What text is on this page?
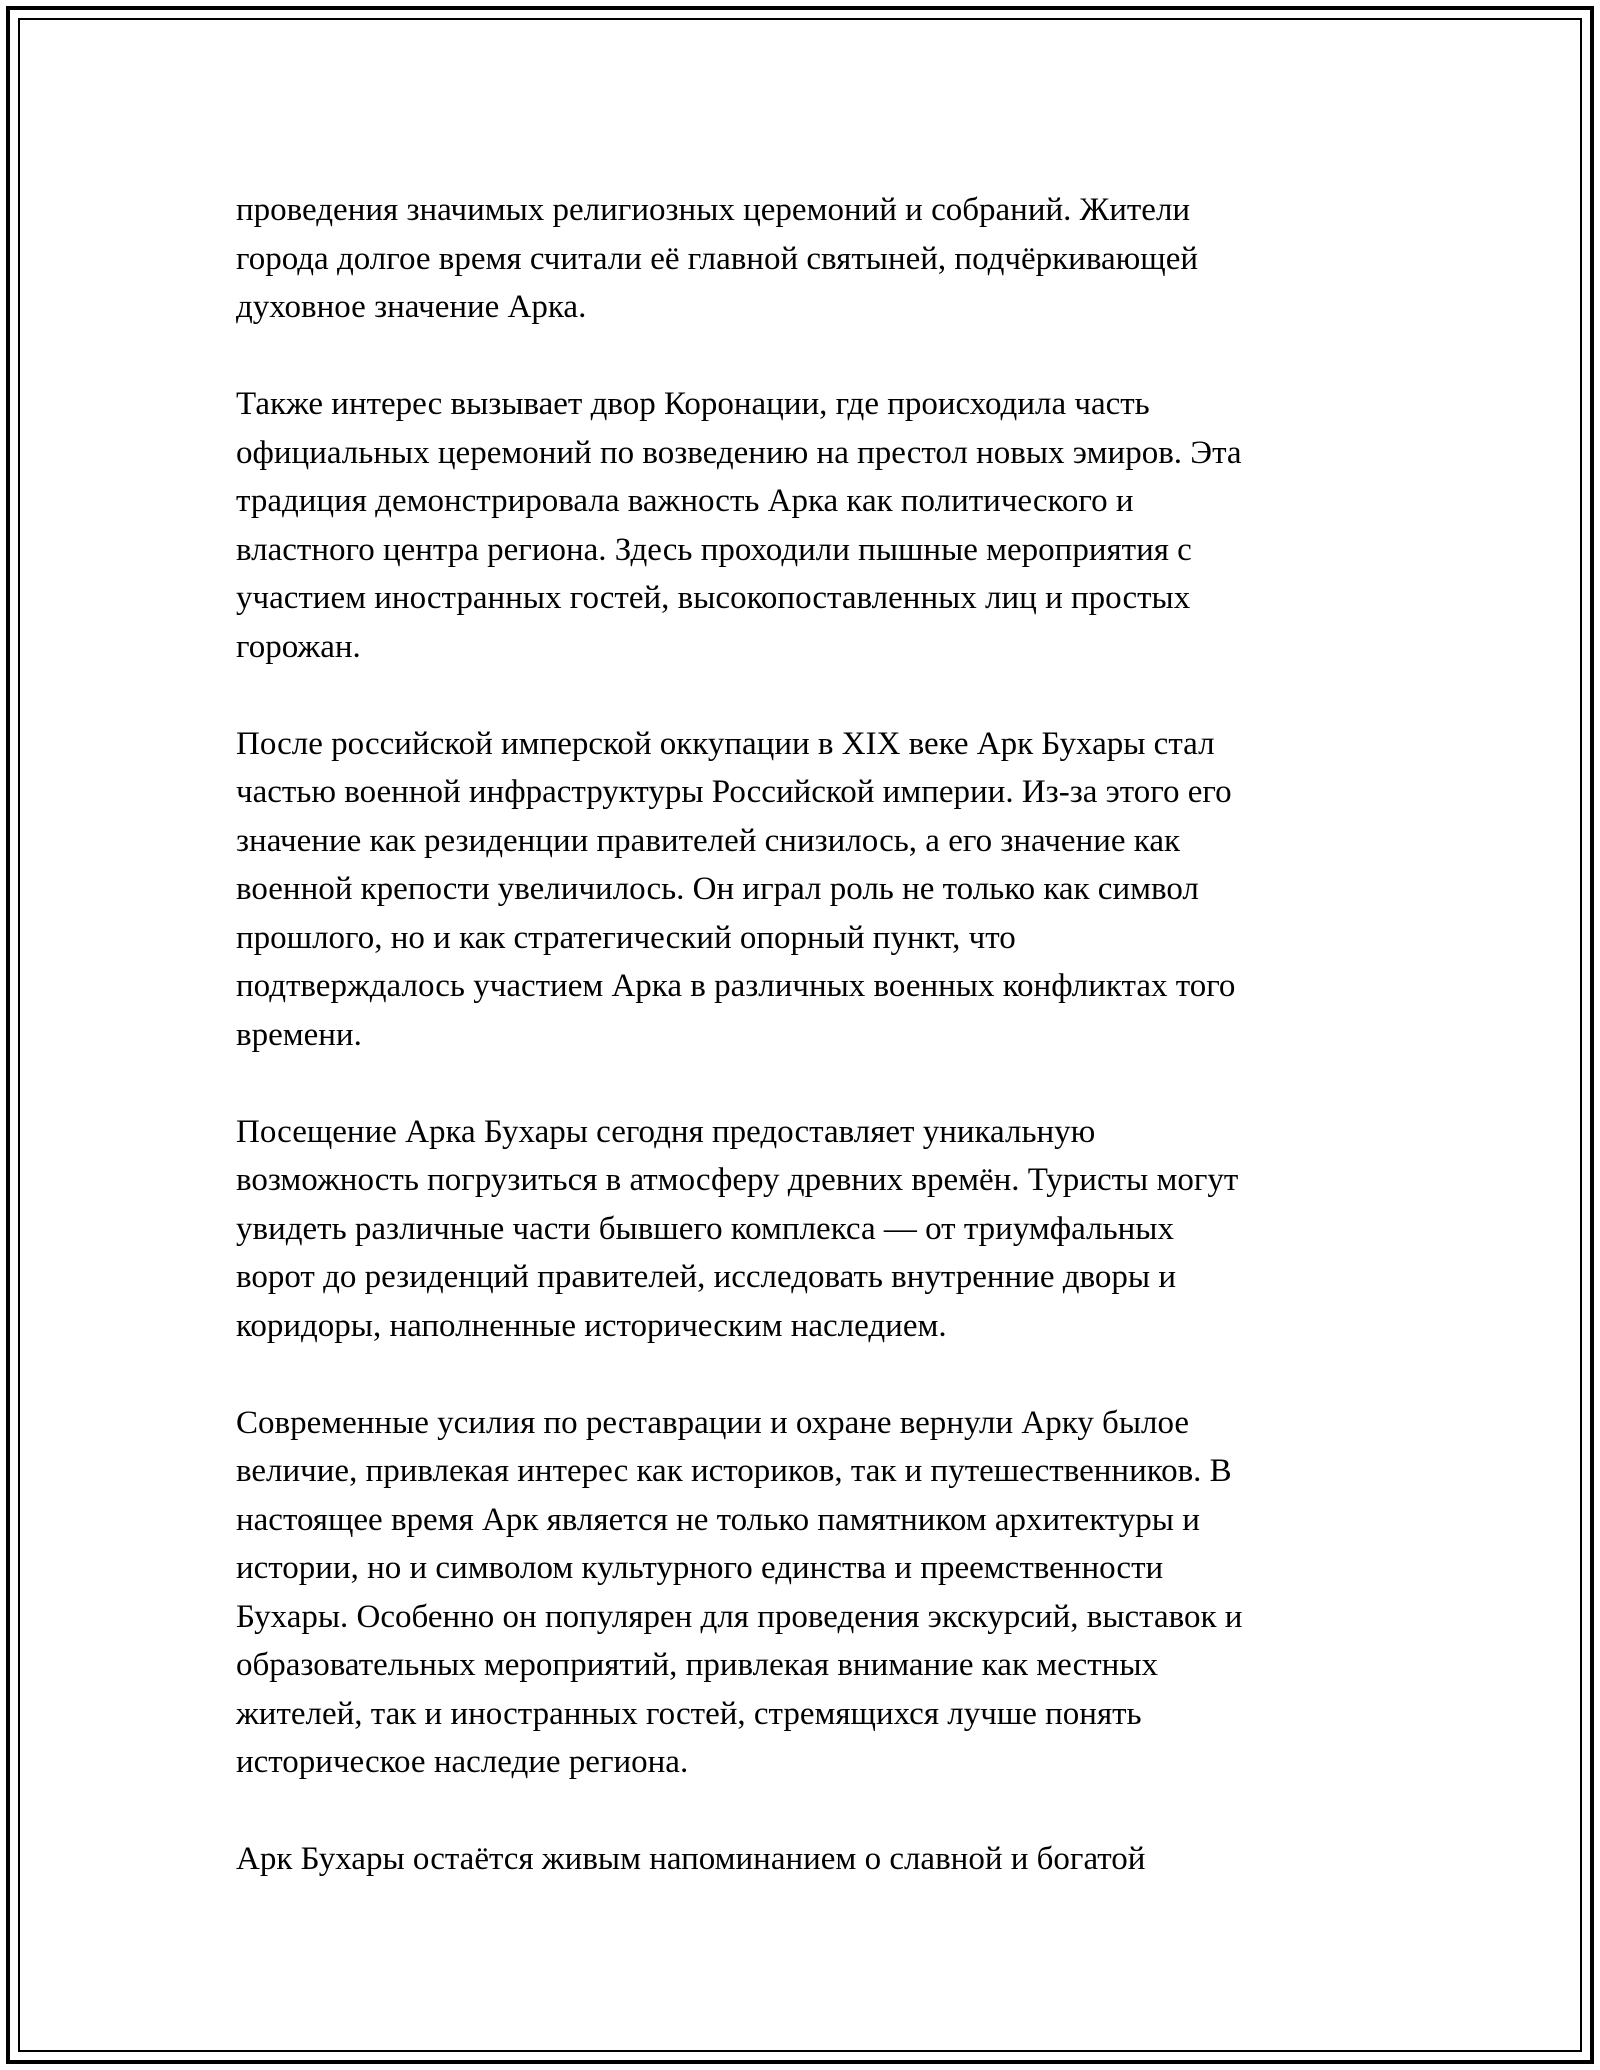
проведения значимых религиозных церемоний и собраний. Жители
города долгое время считали её главной святыней, подчёркивающей
духовное значение Арка.
Также интерес вызывает двор Коронации, где происходила часть
официальных церемоний по возведению на престол новых эмиров. Эта
традиция демонстрировала важность Арка как политического и
властного центра региона. Здесь проходили пышные мероприятия с
участием иностранных гостей, высокопоставленных лиц и простых
горожан.
После российской имперской оккупации в XIX веке Арк Бухары стал
частью военной инфраструктуры Российской империи. Из-за этого его
значение как резиденции правителей снизилось, а его значение как
военной крепости увеличилось. Он играл роль не только как символ
прошлого, но и как стратегический опорный пункт, что
подтверждалось участием Арка в различных военных конфликтах того
времени.
Посещение Арка Бухары сегодня предоставляет уникальную
возможность погрузиться в атмосферу древних времён. Туристы могут
увидеть различные части бывшего комплекса — от триумфальных
ворот до резиденций правителей, исследовать внутренние дворы и
коридоры, наполненные историческим наследием.
Современные усилия по реставрации и охране вернули Арку былое
величие, привлекая интерес как историков, так и путешественников. В
настоящее время Арк является не только памятником архитектуры и
истории, но и символом культурного единства и преемственности
Бухары. Особенно он популярен для проведения экскурсий, выставок и
образовательных мероприятий, привлекая внимание как местных
жителей, так и иностранных гостей, стремящихся лучше понять
историческое наследие региона.
Арк Бухары остаётся живым напоминанием о славной и богатой
